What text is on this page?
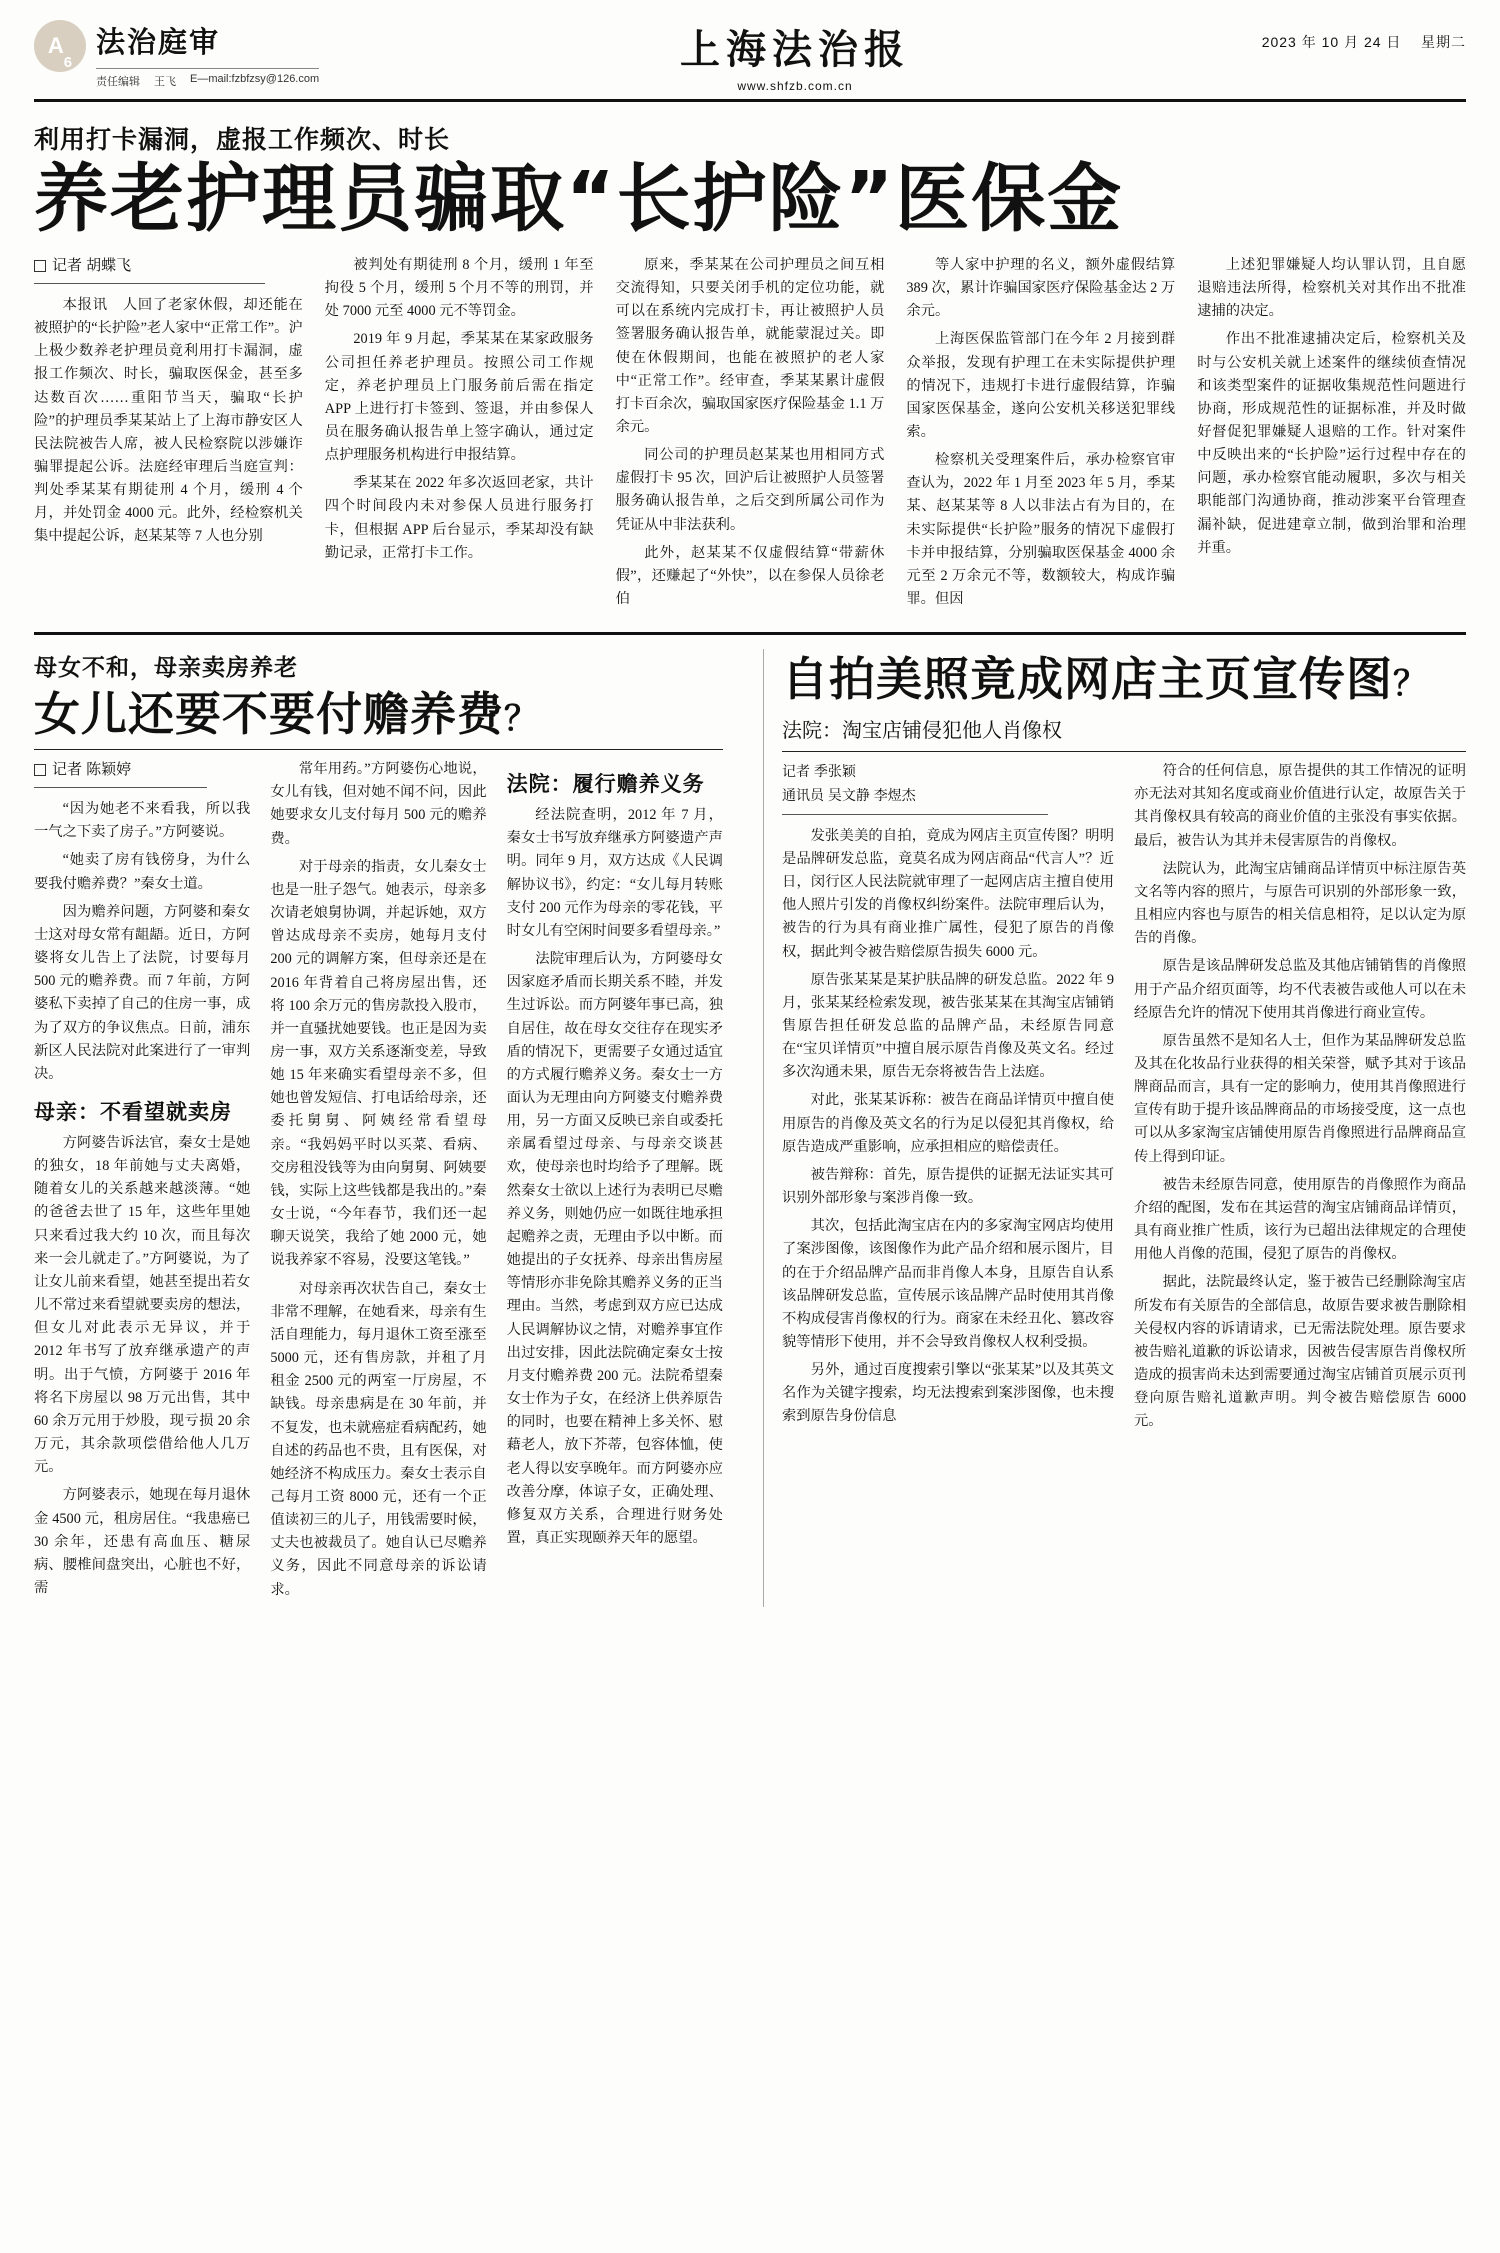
A
6
法治庭审
责任编辑 王飞 E—mail:fzbfzsy@126.com
上海法治报
www.shfzb.com.cn
2023 年 10 月 24 日 星期二
利用打卡漏洞，虚报工作频次、时长
养老护理员骗取“长护险”医保金
记者 胡蝶飞

本报讯　人回了老家休假，却还能在被照护的“长护险”老人家中“正常工作”。沪上极少数养老护理员竟利用打卡漏洞，虚报工作频次、时长，骗取医保金，甚至多达数百次……重阳节当天，骗取“长护险”的护理员季某某站上了上海市静安区人民法院被告人席，被人民检察院以涉嫌诈骗罪提起公诉。法庭经审理后当庭宣判：判处季某某有期徒刑 4 个月，缓刑 4 个月，并处罚金 4000 元。此外，经检察机关集中提起公诉，赵某某等 7 人也分别

被判处有期徒刑 8 个月，缓刑 1 年至拘役 5 个月，缓刑 5 个月不等的刑罚，并处 7000 元至 4000 元不等罚金。

2019 年 9 月起，季某某在某家政服务公司担任养老护理员。按照公司工作规定，养老护理员上门服务前后需在指定 APP 上进行打卡签到、签退，并由参保人员在服务确认报告单上签字确认，通过定点护理服务机构进行申报结算。

季某某在 2022 年多次返回老家，共计四个时间段内未对参保人员进行服务打卡，但根据 APP 后台显示，季某却没有缺勤记录，正常打卡工作。

原来，季某某在公司护理员之间互相交流得知，只要关闭手机的定位功能，就可以在系统内完成打卡，再让被照护人员签署服务确认报告单，就能蒙混过关。即使在休假期间，也能在被照护的老人家中“正常工作”。经审查，季某某累计虚假打卡百余次，骗取国家医疗保险基金 1.1 万余元。

同公司的护理员赵某某也用相同方式虚假打卡 95 次，回沪后让被照护人员签署服务确认报告单，之后交到所属公司作为凭证从中非法获利。

此外，赵某某不仅虚假结算“带薪休假”，还赚起了“外快”，以在参保人员徐老伯

等人家中护理的名义，额外虚假结算 389 次，累计诈骗国家医疗保险基金达 2 万余元。

上海医保监管部门在今年 2 月接到群众举报，发现有护理工在未实际提供护理的情况下，违规打卡进行虚假结算，诈骗国家医保基金，遂向公安机关移送犯罪线索。

检察机关受理案件后，承办检察官审查认为，2022 年 1 月至 2023 年 5 月，季某某、赵某某等 8 人以非法占有为目的，在未实际提供“长护险”服务的情况下虚假打卡并申报结算，分别骗取医保基金 4000 余元至 2 万余元不等，数额较大，构成诈骗罪。但因

上述犯罪嫌疑人均认罪认罚，且自愿退赔违法所得，检察机关对其作出不批准逮捕的决定。

作出不批准逮捕决定后，检察机关及时与公安机关就上述案件的继续侦查情况和该类型案件的证据收集规范性问题进行协商，形成规范性的证据标准，并及时做好督促犯罪嫌疑人退赔的工作。针对案件中反映出来的“长护险”运行过程中存在的问题，承办检察官能动履职，多次与相关职能部门沟通协商，推动涉案平台管理查漏补缺，促进建章立制，做到治罪和治理并重。

母女不和，母亲卖房养老
女儿还要不要付赡养费？
记者 陈颖婷

“因为她老不来看我，所以我一气之下卖了房子。”方阿婆说。

“她卖了房有钱傍身，为什么要我付赡养费？”秦女士道。

因为赡养问题，方阿婆和秦女士这对母女常有龃龉。近日，方阿婆将女儿告上了法院，讨要每月 500 元的赡养费。而 7 年前，方阿婆私下卖掉了自己的住房一事，成为了双方的争议焦点。日前，浦东新区人民法院对此案进行了一审判决。

母亲：不看望就卖房

方阿婆告诉法官，秦女士是她的独女，18 年前她与丈夫离婚，随着女儿的关系越来越淡薄。“她的爸爸去世了 15 年，这些年里她只来看过我大约 10 次，而且每次来一会儿就走了。”方阿婆说，为了让女儿前来看望，她甚至提出若女儿不常过来看望就要卖房的想法，但女儿对此表示无异议，并于 2012 年书写了放弃继承遗产的声明。出于气愤，方阿婆于 2016 年将名下房屋以 98 万元出售，其中 60 余万元用于炒股，现亏损 20 余万元，其余款项偿借给他人几万元。

方阿婆表示，她现在每月退休金 4500 元，租房居住。“我患癌已 30 余年，还患有高血压、糖尿病、腰椎间盘突出，心脏也不好，需

常年用药。”方阿婆伤心地说，女儿有钱，但对她不闻不问，因此她要求女儿支付每月 500 元的赡养费。

对于母亲的指责，女儿秦女士也是一肚子怨气。她表示，母亲多次请老娘舅协调，并起诉她，双方曾达成母亲不卖房，她每月支付 200 元的调解方案，但母亲还是在 2016 年背着自己将房屋出售，还将 100 余万元的售房款投入股市，并一直骚扰她要钱。也正是因为卖房一事，双方关系逐渐变差，导致她 15 年来确实看望母亲不多，但她也曾发短信、打电话给母亲，还委托舅舅、阿姨经常看望母亲。“我妈妈平时以买菜、看病、交房租没钱等为由向舅舅、阿姨要钱，实际上这些钱都是我出的。”秦女士说，“今年春节，我们还一起聊天说笑，我给了她 2000 元，她说我养家不容易，没要这笔钱。”

对母亲再次状告自己，秦女士非常不理解，在她看来，母亲有生活自理能力，每月退休工资至涨至 5000 元，还有售房款，并租了月租金 2500 元的两室一厅房屋，不缺钱。母亲患病是在 30 年前，并不复发，也未就癌症看病配药，她自述的药品也不贵，且有医保，对她经济不构成压力。秦女士表示自己每月工资 8000 元，还有一个正值读初三的儿子，用钱需要时候，丈夫也被裁员了。她自认已尽赡养义务，因此不同意母亲的诉讼请求。

法院：履行赡养义务

经法院查明，2012 年 7 月，秦女士书写放弃继承方阿婆遗产声明。同年 9 月，双方达成《人民调解协议书》，约定：“女儿每月转账支付 200 元作为母亲的零花钱，平时女儿有空闲时间要多看望母亲。”

法院审理后认为，方阿婆母女因家庭矛盾而长期关系不睦，并发生过诉讼。而方阿婆年事已高，独自居住，故在母女交往存在现实矛盾的情况下，更需要子女通过适宜的方式履行赡养义务。秦女士一方面认为无理由向方阿婆支付赡养费用，另一方面又反映已亲自或委托亲属看望过母亲、与母亲交谈甚欢，使母亲也时均给予了理解。既然秦女士欲以上述行为表明已尽赡养义务，则她仍应一如既往地承担起赡养之责，无理由予以中断。而她提出的子女抚养、母亲出售房屋等情形亦非免除其赡养义务的正当理由。当然，考虑到双方应已达成人民调解协议之情，对赡养事宜作出过安排，因此法院确定秦女士按月支付赡养费 200 元。法院希望秦女士作为子女，在经济上供养原告的同时，也要在精神上多关怀、慰藉老人，放下芥蒂，包容体恤，使老人得以安享晚年。而方阿婆亦应改善分摩，体谅子女，正确处理、修复双方关系，合理进行财务处置，真正实现颐养天年的愿望。

自拍美照竟成网店主页宣传图？
法院：淘宝店铺侵犯他人肖像权
记者 季张颖
通讯员 吴文静 李煜杰

发张美美的自拍，竟成为网店主页宣传图？明明是品牌研发总监，竟莫名成为网店商品“代言人”？近日，闵行区人民法院就审理了一起网店店主擅自使用他人照片引发的肖像权纠纷案件。法院审理后认为，被告的行为具有商业推广属性，侵犯了原告的肖像权，据此判令被告赔偿原告损失 6000 元。

原告张某某是某护肤品牌的研发总监。2022 年 9 月，张某某经检索发现，被告张某某在其淘宝店铺销售原告担任研发总监的品牌产品，未经原告同意在“宝贝详情页”中擅自展示原告肖像及英文名。经过多次沟通未果，原告无奈将被告告上法庭。

对此，张某某诉称：被告在商品详情页中擅自使用原告的肖像及英文名的行为足以侵犯其肖像权，给原告造成严重影响，应承担相应的赔偿责任。

被告辩称：首先，原告提供的证据无法证实其可识别外部形象与案涉肖像一致。

其次，包括此淘宝店在内的多家淘宝网店均使用了案涉图像，该图像作为此产品介绍和展示图片，目的在于介绍品牌产品而非肖像人本身，且原告自认系该品牌研发总监，宣传展示该品牌产品时使用其肖像不构成侵害肖像权的行为。商家在未经丑化、篡改容貌等情形下使用，并不会导致肖像权人权利受损。

另外，通过百度搜索引擎以“张某某”以及其英文名作为关键字搜索，均无法搜索到案涉图像，也未搜索到原告身份信息

符合的任何信息，原告提供的其工作情况的证明亦无法对其知名度或商业价值进行认定，故原告关于其肖像权具有较高的商业价值的主张没有事实依据。最后，被告认为其并未侵害原告的肖像权。

法院认为，此淘宝店铺商品详情页中标注原告英文名等内容的照片，与原告可识别的外部形象一致，且相应内容也与原告的相关信息相符，足以认定为原告的肖像。

原告是该品牌研发总监及其他店铺销售的肖像照用于产品介绍页面等，均不代表被告或他人可以在未经原告允许的情况下使用其肖像进行商业宣传。

原告虽然不是知名人士，但作为某品牌研发总监及其在化妆品行业获得的相关荣誉，赋予其对于该品牌商品而言，具有一定的影响力，使用其肖像照进行宣传有助于提升该品牌商品的市场接受度，这一点也可以从多家淘宝店铺使用原告肖像照进行品牌商品宣传上得到印证。

被告未经原告同意，使用原告的肖像照作为商品介绍的配图，发布在其运营的淘宝店铺商品详情页，具有商业推广性质，该行为已超出法律规定的合理使用他人肖像的范围，侵犯了原告的肖像权。

据此，法院最终认定，鉴于被告已经删除淘宝店所发布有关原告的全部信息，故原告要求被告删除相关侵权内容的诉请请求，已无需法院处理。原告要求被告赔礼道歉的诉讼请求，因被告侵害原告肖像权所造成的损害尚未达到需要通过淘宝店铺首页展示页刊登向原告赔礼道歉声明。判令被告赔偿原告 6000 元。
